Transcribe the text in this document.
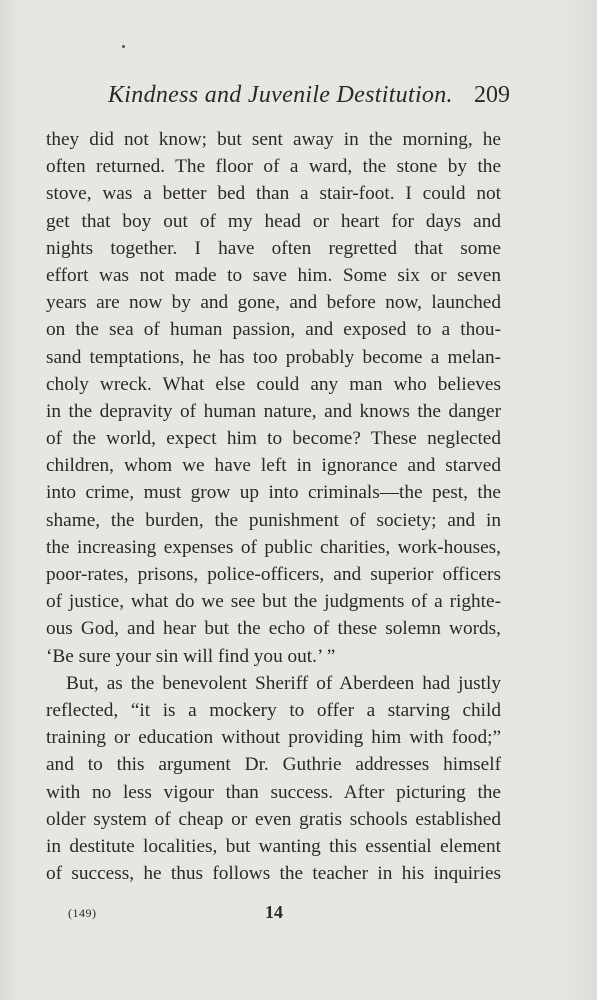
Kindness and Juvenile Destitution. 209
they did not know; but sent away in the morning, he
often returned. The floor of a ward, the stone by the
stove, was a better bed than a stair-foot. I could not
get that boy out of my head or heart for days and
nights together. I have often regretted that some
effort was not made to save him. Some six or seven
years are now by and gone, and before now, launched
on the sea of human passion, and exposed to a thou-
sand temptations, he has too probably become a melan-
choly wreck. What else could any man who believes
in the depravity of human nature, and knows the danger
of the world, expect him to become? These neglected
children, whom we have left in ignorance and starved
into crime, must grow up into criminals—the pest, the
shame, the burden, the punishment of society; and in
the increasing expenses of public charities, work-houses,
poor-rates, prisons, police-officers, and superior officers
of justice, what do we see but the judgments of a righte-
ous God, and hear but the echo of these solemn words,
‘Be sure your sin will find you out.’ ”
But, as the benevolent Sheriff of Aberdeen had justly
reflected, “it is a mockery to offer a starving child
training or education without providing him with food;”
and to this argument Dr. Guthrie addresses himself
with no less vigour than success. After picturing the
older system of cheap or even gratis schools established
in destitute localities, but wanting this essential element
of success, he thus follows the teacher in his inquiries
(149)	14
